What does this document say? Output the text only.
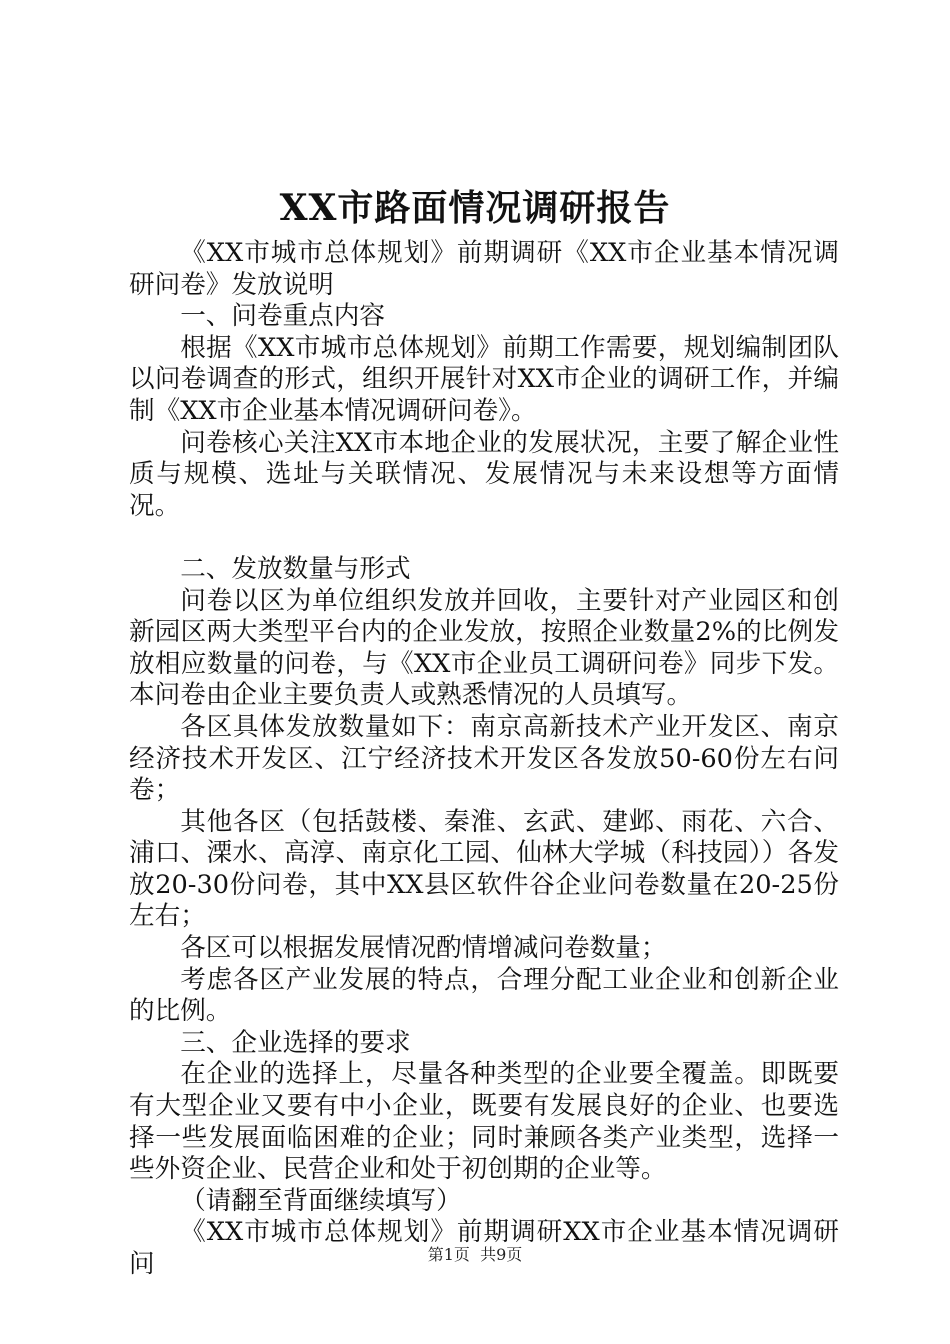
XX市路面情况调研报告

《XX市城市总体规划》前期调研《XX市企业基本情况调研问卷》发放说明

一、问卷重点内容

根据《XX市城市总体规划》前期工作需要，规划编制团队以问卷调查的形式，组织开展针对XX市企业的调研工作，并编制《XX市企业基本情况调研问卷》。

问卷核心关注XX市本地企业的发展状况，主要了解企业性质与规模、选址与关联情况、发展情况与未来设想等方面情况。

二、发放数量与形式

问卷以区为单位组织发放并回收，主要针对产业园区和创新园区两大类型平台内的企业发放，按照企业数量2%的比例发放相应数量的问卷，与《XX市企业员工调研问卷》同步下发。本问卷由企业主要负责人或熟悉情况的人员填写。

各区具体发放数量如下：南京高新技术产业开发区、南京经济技术开发区、江宁经济技术开发区各发放50-60份左右问卷；

其他各区（包括鼓楼、秦淮、玄武、建邺、雨花、六合、浦口、溧水、高淳、南京化工园、仙林大学城（科技园））各发放20-30份问卷，其中XX县区软件谷企业问卷数量在20-25份左右；

各区可以根据发展情况酌情增减问卷数量；

考虑各区产业发展的特点，合理分配工业企业和创新企业的比例。

三、企业选择的要求

在企业的选择上，尽量各种类型的企业要全覆盖。即既要有大型企业又要有中小企业，既要有发展良好的企业、也要选择一些发展面临困难的企业；同时兼顾各类产业类型，选择一些外资企业、民营企业和处于初创期的企业等。

（请翻至背面继续填写）

《XX市城市总体规划》前期调研XX市企业基本情况调研问	第1页 共9页
